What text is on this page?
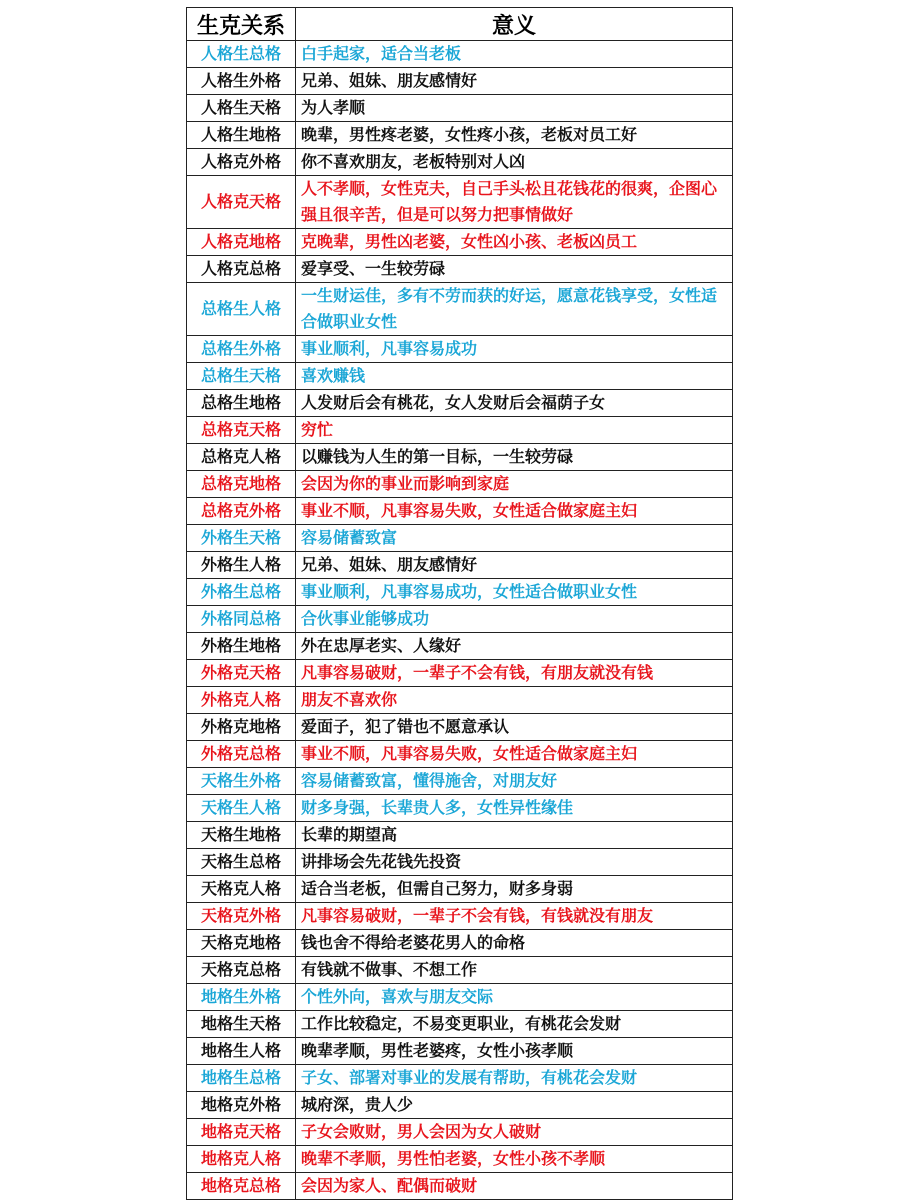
生克关系	意义
人格生总格	白手起家，适合当老板
人格生外格	兄弟、姐妹、朋友感情好
人格生天格	为人孝顺
人格生地格	晚辈，男性疼老婆，女性疼小孩，老板对员工好
人格克外格	你不喜欢朋友，老板特别对人凶
人格克天格	人不孝顺，女性克夫，自己手头松且花钱花的很爽，企图心强且很辛苦，但是可以努力把事情做好
人格克地格	克晚辈，男性凶老婆，女性凶小孩、老板凶员工
人格克总格	爱享受、一生较劳碌
总格生人格	一生财运佳，多有不劳而获的好运，愿意花钱享受，女性适合做职业女性
总格生外格	事业顺利，凡事容易成功
总格生天格	喜欢赚钱
总格生地格	人发财后会有桃花，女人发财后会福荫子女
总格克天格	穷忙
总格克人格	以赚钱为人生的第一目标，一生较劳碌
总格克地格	会因为你的事业而影响到家庭
总格克外格	事业不顺，凡事容易失败，女性适合做家庭主妇
外格生天格	容易储蓄致富
外格生人格	兄弟、姐妹、朋友感情好
外格生总格	事业顺利，凡事容易成功，女性适合做职业女性
外格同总格	合伙事业能够成功
外格生地格	外在忠厚老实、人缘好
外格克天格	凡事容易破财，一辈子不会有钱，有朋友就没有钱
外格克人格	朋友不喜欢你
外格克地格	爱面子，犯了错也不愿意承认
外格克总格	事业不顺，凡事容易失败，女性适合做家庭主妇
天格生外格	容易储蓄致富，懂得施舍，对朋友好
天格生人格	财多身强，长辈贵人多，女性异性缘佳
天格生地格	长辈的期望高
天格生总格	讲排场会先花钱先投资
天格克人格	适合当老板，但需自己努力，财多身弱
天格克外格	凡事容易破财，一辈子不会有钱，有钱就没有朋友
天格克地格	钱也舍不得给老婆花男人的命格
天格克总格	有钱就不做事、不想工作
地格生外格	个性外向，喜欢与朋友交际
地格生天格	工作比较稳定，不易变更职业，有桃花会发财
地格生人格	晚辈孝顺，男性老婆疼，女性小孩孝顺
地格生总格	子女、部署对事业的发展有帮助，有桃花会发财
地格克外格	城府深，贵人少
地格克天格	子女会败财，男人会因为女人破财
地格克人格	晚辈不孝顺，男性怕老婆，女性小孩不孝顺
地格克总格	会因为家人、配偶而破财
